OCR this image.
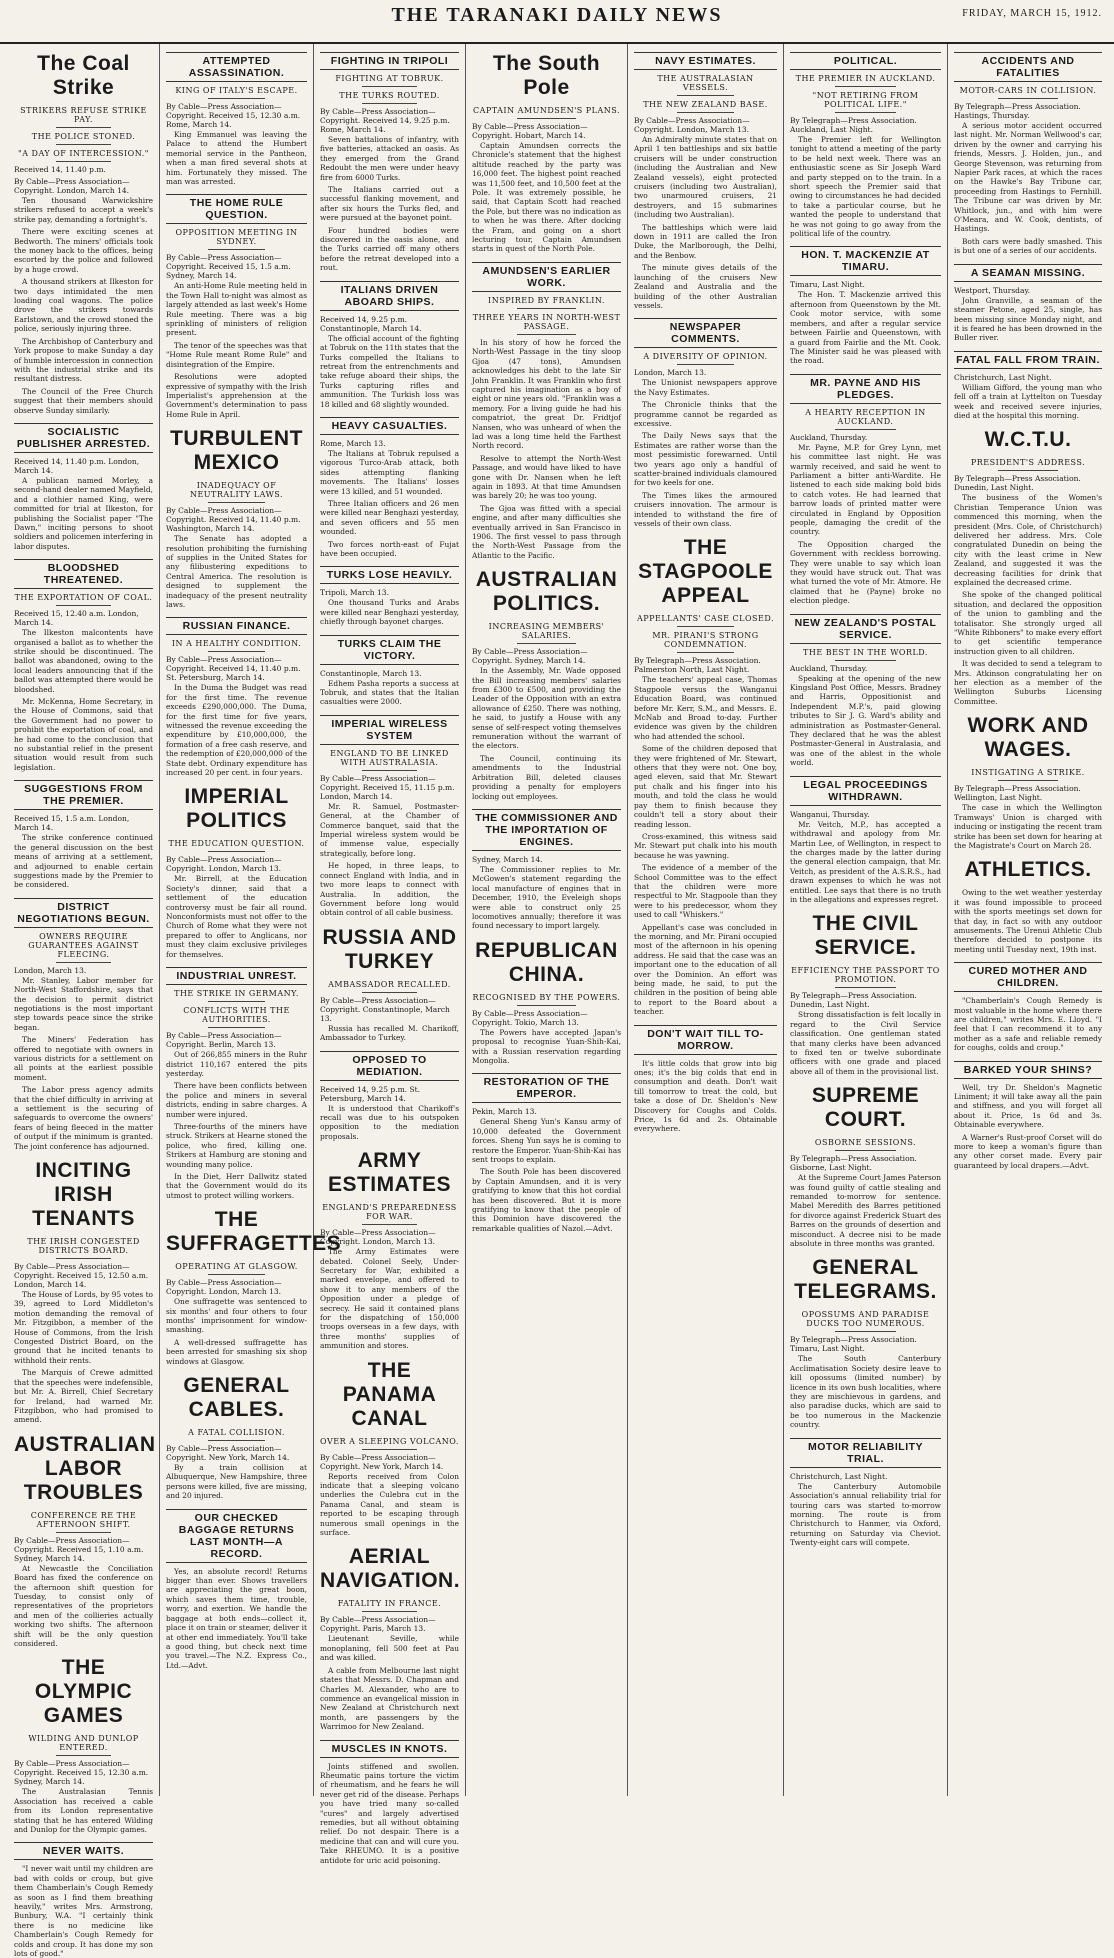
THE TARANAKI DAILY NEWS	FRIDAY, MARCH 15, 1912.
The Coal Strike
STRIKERS REFUSE STRIKE PAY.
THE POLICE STONED.
"A DAY OF INTERCESSION."
Received 14, 11.40 p.m.
By Cable—Press Association—Copyright. London, March 14.

Ten thousand Warwickshire strikers refused to accept a week's strike pay, demanding a fortnight's.

There were exciting scenes at Bedworth. The miners' officials took the money back to the offices, being escorted by the police and followed by a huge crowd.

A thousand strikers at Ilkeston for two days intimidated the men loading coal wagons. The police drove the strikers towards Earlstown, and the crowd stoned the police, seriously injuring three.

The Archbishop of Canterbury and York propose to make Sunday a day of humble intercession in connection with the industrial strike and its resultant distress.

The Council of the Free Church suggest that their members should observe Sunday similarly.

SOCIALISTIC PUBLISHER ARRESTED.
Received 14, 11.40 p.m. London, March 14.

A publican named Morley, a second-hand dealer named Mayfield, and a clothier named King, were committed for trial at Ilkeston, for publishing the Socialist paper "The Dawn," inciting persons to shoot soldiers and policemen interfering in labor disputes.

BLOODSHED THREATENED.
THE EXPORTATION OF COAL.
Received 15, 12.40 a.m. London, March 14.

The Ilkeston malcontents have organised a ballot as to whether the strike should be discontinued. The ballot was abandoned, owing to the local leaders announcing that if the ballot was attempted there would be bloodshed.

Mr. McKenna, Home Secretary, in the House of Commons, said that the Government had no power to prohibit the exportation of coal, and he had come to the conclusion that no substantial relief in the present situation would result from such legislation.

SUGGESTIONS FROM THE PREMIER.
Received 15, 1.5 a.m. London, March 14.

The strike conference continued the general discussion on the best means of arriving at a settlement, and adjourned to enable certain suggestions made by the Premier to be considered.

DISTRICT NEGOTIATIONS BEGUN.
OWNERS REQUIRE GUARANTEES AGAINST FLEECING.
London, March 13.

Mr. Stanley, Labor member for North-West Staffordshire, says that the decision to permit district negotiations is the most important step towards peace since the strike began.

The Miners' Federation has offered to negotiate with owners in various districts for a settlement on all points at the earliest possible moment.

The Labor press agency admits that the chief difficulty in arriving at a settlement is the securing of safeguards to overcome the owners' fears of being fleeced in the matter of output if the minimum is granted. The joint conference has adjourned.

INCITING IRISH TENANTS
THE IRISH CONGESTED DISTRICTS BOARD.
By Cable—Press Association—Copyright. Received 15, 12.50 a.m. London, March 14.

The House of Lords, by 95 votes to 39, agreed to Lord Middleton's motion demanding the removal of Mr. Fitzgibbon, a member of the House of Commons, from the Irish Congested District Board, on the ground that he incited tenants to withhold their rents.

The Marquis of Crewe admitted that the speeches were indefensible, but Mr. A. Birrell, Chief Secretary for Ireland, had warned Mr. Fitzgibbon, who had promised to amend.

AUSTRALIAN LABOR TROUBLES
CONFERENCE RE THE AFTERNOON SHIFT.
By Cable—Press Association—Copyright. Received 15, 1.10 a.m. Sydney, March 14.

At Newcastle the Conciliation Board has fixed the conference on the afternoon shift question for Tuesday, to consist only of representatives of the proprietors and men of the collieries actually working two shifts. The afternoon shift will be the only question considered.

THE OLYMPIC GAMES
WILDING AND DUNLOP ENTERED.
By Cable—Press Association—Copyright. Received 15, 12.30 a.m. Sydney, March 14.

The Australasian Tennis Association has received a cable from its London representative stating that he has entered Wilding and Dunlop for the Olympic games.

NEVER WAITS.

"I never wait until my children are bad with colds or croup, but give them Chamberlain's Cough Remedy as soon as I find them breathing heavily," writes Mrs. Armstrong, Bunbury, W.A. "I certainly think there is no medicine like Chamberlain's Cough Remedy for colds and croup. It has done my son lots of good."

ATTEMPTED ASSASSINATION.
KING OF ITALY'S ESCAPE.
By Cable—Press Association—Copyright. Received 15, 12.30 a.m. Rome, March 14.

King Emmanuel was leaving the Palace to attend the Humbert memorial service in the Pantheon, when a man fired several shots at him. Fortunately they missed. The man was arrested.

THE HOME RULE QUESTION.
OPPOSITION MEETING IN SYDNEY.
By Cable—Press Association—Copyright. Received 15, 1.5 a.m. Sydney, March 14.

An anti-Home Rule meeting held in the Town Hall to-night was almost as largely attended as last week's Home Rule meeting. There was a big sprinkling of ministers of religion present.

The tenor of the speeches was that "Home Rule meant Rome Rule" and disintegration of the Empire.

Resolutions were adopted expressive of sympathy with the Irish Imperialist's apprehension at the Government's determination to pass Home Rule in April.

TURBULENT MEXICO
INADEQUACY OF NEUTRALITY LAWS.
By Cable—Press Association—Copyright. Received 14, 11.40 p.m. Washington, March 14.

The Senate has adopted a resolution prohibiting the furnishing of supplies in the United States for any filibustering expeditions to Central America. The resolution is designed to supplement the inadequacy of the present neutrality laws.

RUSSIAN FINANCE.
IN A HEALTHY CONDITION.
By Cable—Press Association—Copyright. Received 14, 11.40 p.m. St. Petersburg, March 14.

In the Duma the Budget was read for the first time. The revenue exceeds £290,000,000. The Duma, for the first time for five years, witnessed the revenue exceeding the expenditure by £10,000,000, the formation of a free cash reserve, and the redemption of £20,000,000 of the State debt. Ordinary expenditure has increased 20 per cent. in four years.

IMPERIAL POLITICS
THE EDUCATION QUESTION.
By Cable—Press Association—Copyright. London, March 13.

Mr. Birrell, at the Education Society's dinner, said that a settlement of the education controversy must be fair all round. Nonconformists must not offer to the Church of Rome what they were not prepared to offer to Anglicans, nor must they claim exclusive privileges for themselves.

INDUSTRIAL UNREST.
THE STRIKE IN GERMANY.
CONFLICTS WITH THE AUTHORITIES.
By Cable—Press Association—Copyright. Berlin, March 13.

Out of 266,855 miners in the Ruhr district 110,167 entered the pits yesterday.

There have been conflicts between the police and miners in several districts, ending in sabre charges. A number were injured.

Three-fourths of the miners have struck. Strikers at Hearne stoned the police, who fired, killing one. Strikers at Hamburg are stoning and wounding many police.

In the Diet, Herr Dallwitz stated that the Government would do its utmost to protect willing workers.

THE SUFFRAGETTES
OPERATING AT GLASGOW.
By Cable—Press Association—Copyright. London, March 13.

One suffragette was sentenced to six months' and four others to four months' imprisonment for window-smashing.

A well-dressed suffragette has been arrested for smashing six shop windows at Glasgow.

GENERAL CABLES.
A FATAL COLLISION.
By Cable—Press Association—Copyright. New York, March 14.

By a train collision at Albuquerque, New Hampshire, three persons were killed, five are missing, and 20 injured.

OUR CHECKED BAGGAGE RETURNS LAST MONTH—A RECORD.

Yes, an absolute record! Returns bigger than ever. Shows travellers are appreciating the great boon, which saves them time, trouble, worry, and exertion. We handle the baggage at both ends—collect it, place it on train or steamer, deliver it at other end immediately. You'll take a good thing, but check next time you travel.—The N.Z. Express Co., Ltd.—Advt.

FIGHTING IN TRIPOLI
FIGHTING AT TOBRUK.
THE TURKS ROUTED.
By Cable—Press Association—Copyright. Received 14, 9.25 p.m. Rome, March 14.

Seven battalions of infantry, with five batteries, attacked an oasis. As they emerged from the Grand Redoubt the men were under heavy fire from 6000 Turks.

The Italians carried out a successful flanking movement, and after six hours the Turks fled, and were pursued at the bayonet point.

Four hundred bodies were discovered in the oasis alone, and the Turks carried off many others before the retreat developed into a rout.

ITALIANS DRIVEN ABOARD SHIPS.
Received 14, 9.25 p.m. Constantinople, March 14.

The official account of the fighting at Tobruk on the 11th states that the Turks compelled the Italians to retreat from the entrenchments and take refuge aboard their ships, the Turks capturing rifles and ammunition. The Turkish loss was 18 killed and 68 slightly wounded.

HEAVY CASUALTIES.
Rome, March 13.

The Italians at Tobruk repulsed a vigorous Turco-Arab attack, both sides attempting flanking movements. The Italians' losses were 13 killed, and 51 wounded.

Three Italian officers and 26 men were killed near Benghazi yesterday, and seven officers and 55 men wounded.

Two forces north-east of Fujat have been occupied.

TURKS LOSE HEAVILY.
Tripoli, March 13.

One thousand Turks and Arabs were killed near Benghazi yesterday, chiefly through bayonet charges.

TURKS CLAIM THE VICTORY.
Constantinople, March 13.

Edhem Pasha reports a success at Tobruk, and states that the Italian casualties were 2000.

IMPERIAL WIRELESS SYSTEM
ENGLAND TO BE LINKED WITH AUSTRALASIA.
By Cable—Press Association—Copyright. Received 15, 11.15 p.m. London, March 14.

Mr. R. Samuel, Postmaster-General, at the Chamber of Commerce banquet, said that the Imperial wireless system would be of immense value, especially strategically, before long.

He hoped, in three leaps, to connect England with India, and in two more leaps to connect with Australia. In addition, the Government before long would obtain control of all cable business.

RUSSIA AND TURKEY
AMBASSADOR RECALLED.
By Cable—Press Association—Copyright. Constantinople, March 13.

Russia has recalled M. Charikoff, Ambassador to Turkey.

OPPOSED TO MEDIATION.
Received 14, 9.25 p.m. St. Petersburg, March 14.

It is understood that Charikoff's recall was due to his outspoken opposition to the mediation proposals.

ARMY ESTIMATES
ENGLAND'S PREPAREDNESS FOR WAR.
By Cable—Press Association—Copyright. London, March 13.

The Army Estimates were debated. Colonel Seely, Under-Secretary for War, exhibited a marked envelope, and offered to show it to any members of the Opposition under a pledge of secrecy. He said it contained plans for the dispatching of 150,000 troops overseas in a few days, with three months' supplies of ammunition and stores.

THE PANAMA CANAL
OVER A SLEEPING VOLCANO.
By Cable—Press Association—Copyright. New York, March 14.

Reports received from Colon indicate that a sleeping volcano underlies the Culebra cut in the Panama Canal, and steam is reported to be escaping through numerous small openings in the surface.

AERIAL NAVIGATION.
FATALITY IN FRANCE.
By Cable—Press Association—Copyright. Paris, March 13.

Lieutenant Seville, while monoplaning, fell 500 feet at Pau and was killed.

A cable from Melbourne last night states that Messrs. D. Chapman and Charles M. Alexander, who are to commence an evangelical mission in New Zealand at Christchurch next month, are passengers by the Warrimoo for New Zealand.

MUSCLES IN KNOTS.

Joints stiffened and swollen. Rheumatic pains torture the victim of rheumatism, and he fears he will never get rid of the disease. Perhaps you have tried many so-called "cures" and largely advertised remedies, but all without obtaining relief. Do not despair. There is a medicine that can and will cure you. Take RHEUMO. It is a positive antidote for uric acid poisoning.

The South Pole
CAPTAIN AMUNDSEN'S PLANS.
By Cable—Press Association—Copyright. Hobart, March 14.

Captain Amundsen corrects the Chronicle's statement that the highest altitude reached by the party was 16,000 feet. The highest point reached was 11,500 feet, and 10,500 feet at the Pole. It was extremely possible, he said, that Captain Scott had reached the Pole, but there was no indication as to when he was there. After docking the Fram, and going on a short lecturing tour, Captain Amundsen starts in quest of the North Pole.

AMUNDSEN'S EARLIER WORK.
INSPIRED BY FRANKLIN.
THREE YEARS IN NORTH-WEST PASSAGE.

In his story of how he forced the North-West Passage in the tiny sloop Gjoa (47 tons), Amundsen acknowledges his debt to the late Sir John Franklin. It was Franklin who first captured his imagination as a boy of eight or nine years old. "Franklin was a memory. For a living guide he had his compatriot, the great Dr. Fridtjof Nansen, who was unheard of when the lad was a long time held the Farthest North record.

Resolve to attempt the North-West Passage, and would have liked to have gone with Dr. Nansen when he left again in 1893. At that time Amundsen was barely 20; he was too young.

The Gjoa was fitted with a special engine, and after many difficulties she eventually arrived in San Francisco in 1906. The first vessel to pass through the North-West Passage from the Atlantic to the Pacific.

AUSTRALIAN POLITICS.
INCREASING MEMBERS' SALARIES.
By Cable—Press Association—Copyright. Sydney, March 14.

In the Assembly, Mr. Wade opposed the Bill increasing members' salaries from £300 to £500, and providing the Leader of the Opposition with an extra allowance of £250. There was nothing, he said, to justify a House with any sense of self-respect voting themselves remuneration without the warrant of the electors.

The Council, continuing its amendments to the Industrial Arbitration Bill, deleted clauses providing a penalty for employers locking out employees.

THE COMMISSIONER AND THE IMPORTATION OF ENGINES.
Sydney, March 14.

The Commissioner replies to Mr. McGowen's statement regarding the local manufacture of engines that in December, 1910, the Eveleigh shops were able to construct only 25 locomotives annually; therefore it was found necessary to import largely.

REPUBLICAN CHINA.
RECOGNISED BY THE POWERS.
By Cable—Press Association—Copyright. Tokio, March 13.

The Powers have accepted Japan's proposal to recognise Yuan-Shih-Kai, with a Russian reservation regarding Mongolia.

RESTORATION OF THE EMPEROR.
Pekin, March 13.

General Sheng Yun's Kansu army of 10,000 defeated the Government forces. Sheng Yun says he is coming to restore the Emperor. Yuan-Shih-Kai has sent troops to explain.

The South Pole has been discovered by Captain Amundsen, and it is very gratifying to know that this hot cordial has been discovered. But it is more gratifying to know that the people of this Dominion have discovered the remarkable qualities of Nazol.—Advt.

NAVY ESTIMATES.
THE AUSTRALASIAN VESSELS.
THE NEW ZEALAND BASE.
By Cable—Press Association—Copyright. London, March 13.

An Admiralty minute states that on April 1 ten battleships and six battle cruisers will be under construction (including the Australian and New Zealand vessels), eight protected cruisers (including two Australian), two unarmoured cruisers, 21 destroyers, and 15 submarines (including two Australian).

The battleships which were laid down in 1911 are called the Iron Duke, the Marlborough, the Delhi, and the Benbow.

The minute gives details of the launching of the cruisers New Zealand and Australia and the building of the other Australian vessels.

NEWSPAPER COMMENTS.
A DIVERSITY OF OPINION.
London, March 13.

The Unionist newspapers approve the Navy Estimates.

The Chronicle thinks that the programme cannot be regarded as excessive.

The Daily News says that the Estimates are rather worse than the most pessimistic forewarned. Until two years ago only a handful of scatter-brained individuals clamoured for two keels for one.

The Times likes the armoured cruisers innovation. The armour is intended to withstand the fire of vessels of their own class.

THE STAGPOOLE APPEAL
APPELLANTS' CASE CLOSED.
MR. PIRANI'S STRONG CONDEMNATION.
By Telegraph—Press Association. Palmerston North, Last Night.

The teachers' appeal case, Thomas Stagpoole versus the Wanganui Education Board, was continued before Mr. Kerr, S.M., and Messrs. E. McNab and Broad to-day. Further evidence was given by the children who had attended the school.

Some of the children deposed that they were frightened of Mr. Stewart, others that they were not. One boy, aged eleven, said that Mr. Stewart put chalk and his finger into his mouth, and told the class he would pay them to finish because they couldn't tell a story about their reading lesson.

Cross-examined, this witness said Mr. Stewart put chalk into his mouth because he was yawning.

The evidence of a member of the School Committee was to the effect that the children were more respectful to Mr. Stagpoole than they were to his predecessor, whom they used to call "Whiskers."

Appellant's case was concluded in the morning, and Mr. Pirani occupied most of the afternoon in his opening address. He said that the case was an important one to the education of all over the Dominion. An effort was being made, he said, to put the children in the position of being able to report to the Board about a teacher.

DON'T WAIT TILL TO-MORROW.

It's little colds that grow into big ones; it's the big colds that end in consumption and death. Don't wait till tomorrow to treat the cold, but take a dose of Dr. Sheldon's New Discovery for Coughs and Colds. Price, 1s 6d and 2s. Obtainable everywhere.

POLITICAL.
THE PREMIER IN AUCKLAND.
"NOT RETIRING FROM POLITICAL LIFE."
By Telegraph—Press Association. Auckland, Last Night.

The Premier left for Wellington tonight to attend a meeting of the party to be held next week. There was an enthusiastic scene as Sir Joseph Ward and party stepped on to the train. In a short speech the Premier said that owing to circumstances he had decided to take a particular course, but he wanted the people to understand that he was not going to go away from the political life of the country.

HON. T. MACKENZIE AT TIMARU.
Timaru, Last Night.

The Hon. T. Mackenzie arrived this afternoon from Queenstown by the Mt. Cook motor service, with some members, and after a regular service between Fairlie and Queenstown, with a guard from Fairlie and the Mt. Cook. The Minister said he was pleased with the road.

MR. PAYNE AND HIS PLEDGES.
A HEARTY RECEPTION IN AUCKLAND.
Auckland, Thursday.

Mr. Payne, M.P. for Grey Lynn, met his committee last night. He was warmly received, and said he went to Parliament a bitter anti-Wardite. He listened to each side making bold bids to catch votes. He had learned that barrow loads of printed matter were circulated in England by Opposition people, damaging the credit of the country.

The Opposition charged the Government with reckless borrowing. They were unable to say which loan they would have struck out. That was what turned the vote of Mr. Atmore. He claimed that he (Payne) broke no election pledge.

NEW ZEALAND'S POSTAL SERVICE.
THE BEST IN THE WORLD.
Auckland, Thursday.

Speaking at the opening of the new Kingsland Post Office, Messrs. Bradney and Harris, Oppositionist and Independent M.P.'s, paid glowing tributes to Sir J. G. Ward's ability and administration as Postmaster-General. They declared that he was the ablest Postmaster-General in Australasia, and was one of the ablest in the whole world.

LEGAL PROCEEDINGS WITHDRAWN.
Wanganui, Thursday.

Mr. Veitch, M.P., has accepted a withdrawal and apology from Mr. Martin Lee, of Wellington, in respect to the charges made by the latter during the general election campaign, that Mr. Veitch, as president of the A.S.R.S., had drawn expenses to which he was not entitled. Lee says that there is no truth in the allegations and expresses regret.

THE CIVIL SERVICE.
EFFICIENCY THE PASSPORT TO PROMOTION.
By Telegraph—Press Association. Dunedin, Last Night.

Strong dissatisfaction is felt locally in regard to the Civil Service classification. One gentleman stated that many clerks have been advanced to fixed ten or twelve subordinate officers with one grade and placed above all of them in the provisional list.

SUPREME COURT.
OSBORNE SESSIONS.
By Telegraph—Press Association. Gisborne, Last Night.

At the Supreme Court James Paterson was found guilty of cattle stealing and remanded to-morrow for sentence. Mabel Meredith des Barres petitioned for divorce against Frederick Stuart des Barres on the grounds of desertion and misconduct. A decree nisi to be made absolute in three months was granted.

GENERAL TELEGRAMS.
OPOSSUMS AND PARADISE DUCKS TOO NUMEROUS.
By Telegraph—Press Association. Timaru, Last Night.

The South Canterbury Acclimatisation Society desire leave to kill opossums (limited number) by licence in its own bush localities, where they are mischievous in gardens, and also paradise ducks, which are said to be too numerous in the Mackenzie country.

MOTOR RELIABILITY TRIAL.
Christchurch, Last Night.

The Canterbury Automobile Association's annual reliability trial for touring cars was started to-morrow morning. The route is from Christchurch to Hanmer, via Oxford, returning on Saturday via Cheviot. Twenty-eight cars will compete.

ACCIDENTS AND FATALITIES
MOTOR-CARS IN COLLISION.
By Telegraph—Press Association. Hastings, Thursday.

A serious motor accident occurred last night. Mr. Norman Wellwood's car, driven by the owner and carrying his friends, Messrs. J. Holden, jun., and George Stevenson, was returning from Napier Park races, at which the races on the Hawke's Bay Tribune car, proceeding from Hastings to Fernhill. The Tribune car was driven by Mr. Whitlock, jun., and with him were O'Meara, and W. Cook, dentists, of Hastings.

Both cars were badly smashed. This is but one of a series of our accidents.

A SEAMAN MISSING.
Westport, Thursday.

John Granville, a seaman of the steamer Petone, aged 25, single, has been missing since Monday night, and it is feared he has been drowned in the Buller river.

FATAL FALL FROM TRAIN.
Christchurch, Last Night.

William Gifford, the young man who fell off a train at Lyttelton on Tuesday week and received severe injuries, died at the hospital this morning.

W.C.T.U.
PRESIDENT'S ADDRESS.
By Telegraph—Press Association. Dunedin, Last Night.

The business of the Women's Christian Temperance Union was commenced this morning, when the president (Mrs. Cole, of Christchurch) delivered her address. Mrs. Cole congratulated Dunedin on being the city with the least crime in New Zealand, and suggested it was the decreasing facilities for drink that explained the decreased crime.

She spoke of the changed political situation, and declared the opposition of the union to gambling and the totalisator. She strongly urged all "White Ribboners" to make every effort to get scientific temperance instruction given to all children.

It was decided to send a telegram to Mrs. Atkinson congratulating her on her election as a member of the Wellington Suburbs Licensing Committee.

WORK AND WAGES.
INSTIGATING A STRIKE.
By Telegraph—Press Association. Wellington, Last Night.

The case in which the Wellington Tramways' Union is charged with inducing or instigating the recent tram strike has been set down for hearing at the Magistrate's Court on March 28.

ATHLETICS.

Owing to the wet weather yesterday it was found impossible to proceed with the sports meetings set down for that day, in fact so with any outdoor amusements. The Urenui Athletic Club therefore decided to postpone its meeting until Tuesday next, 19th inst.

CURED MOTHER AND CHILDREN.

"Chamberlain's Cough Remedy is most valuable in the home where there are children," writes Mrs. E. Lloyd. "I feel that I can recommend it to any mother as a safe and reliable remedy for coughs, colds and croup."

BARKED YOUR SHINS?

Well, try Dr. Sheldon's Magnetic Liniment; it will take away all the pain and stiffness, and you will forget all about it. Price, 1s 6d and 3s. Obtainable everywhere.

A Warner's Rust-proof Corset will do more to keep a woman's figure than any other corset made. Every pair guaranteed by local drapers.—Advt.
